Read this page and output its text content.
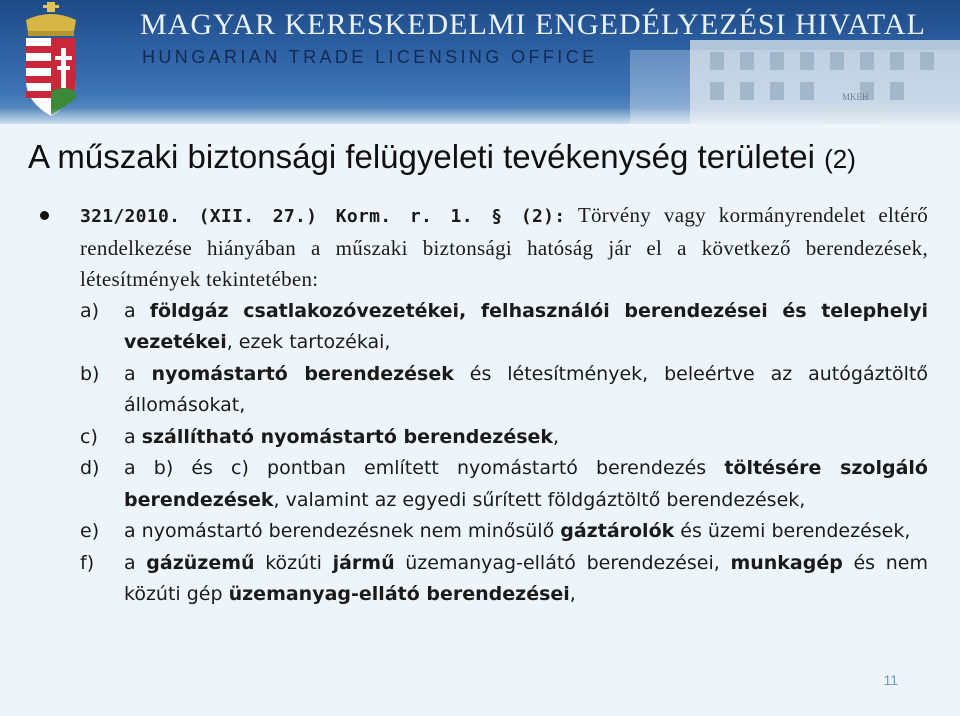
MKEH
MAGYAR KERESKEDELMI ENGEDÉLYEZÉSI HIVATAL
HUNGARIAN TRADE LICENSING OFFICE
A műszaki biztonsági felügyeleti tevékenység területei (2)

321/2010. (XII. 27.) Korm. r. 1. § (2): Törvény vagy kormányrendelet eltérő rendelkezése hiányában a műszaki biztonsági hatóság jár el a következő berendezések, létesítmények tekintetében:

a) a földgáz csatlakozóvezetékei, felhasználói berendezései és telephelyi vezetékei, ezek tartozékai,
b) a nyomástartó berendezések és létesítmények, beleértve az autógáztöltő állomásokat,
c) a szállítható nyomástartó berendezések,
d) a b) és c) pontban említett nyomástartó berendezés töltésére szolgáló berendezések, valamint az egyedi sűrített földgáztöltő berendezések,
e) a nyomástartó berendezésnek nem minősülő gáztárolók és üzemi berendezések,
f) a gázüzemű közúti jármű üzemanyag-ellátó berendezései, munkagép és nem közúti gép üzemanyag-ellátó berendezései,
11
